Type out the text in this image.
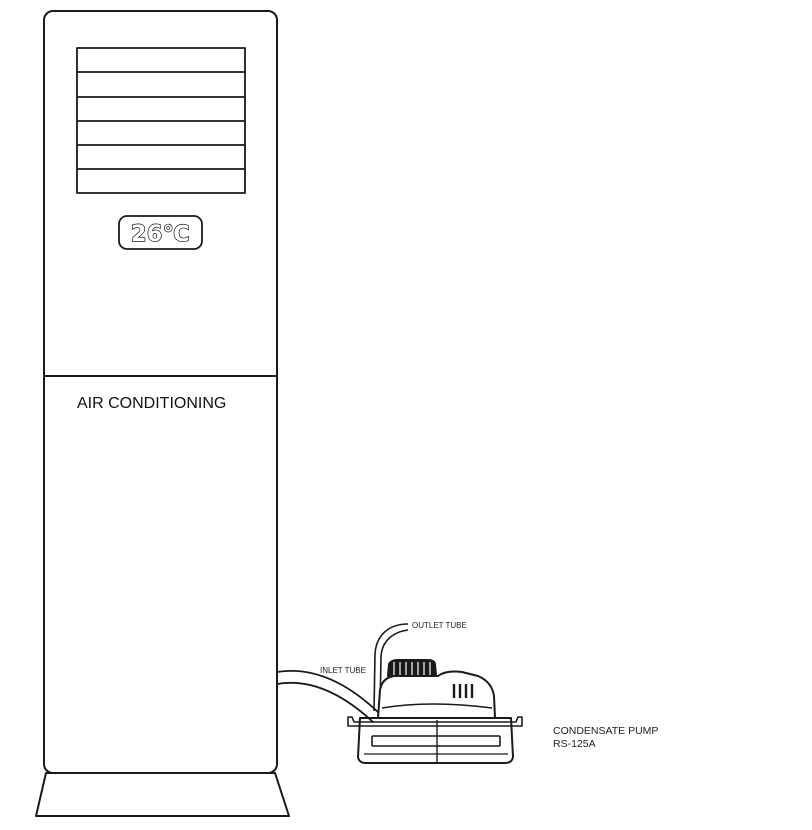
26℃
AIR CONDITIONING
OUTLET TUBE
INLET TUBE
CONDENSATE PUMP
RS-125A
